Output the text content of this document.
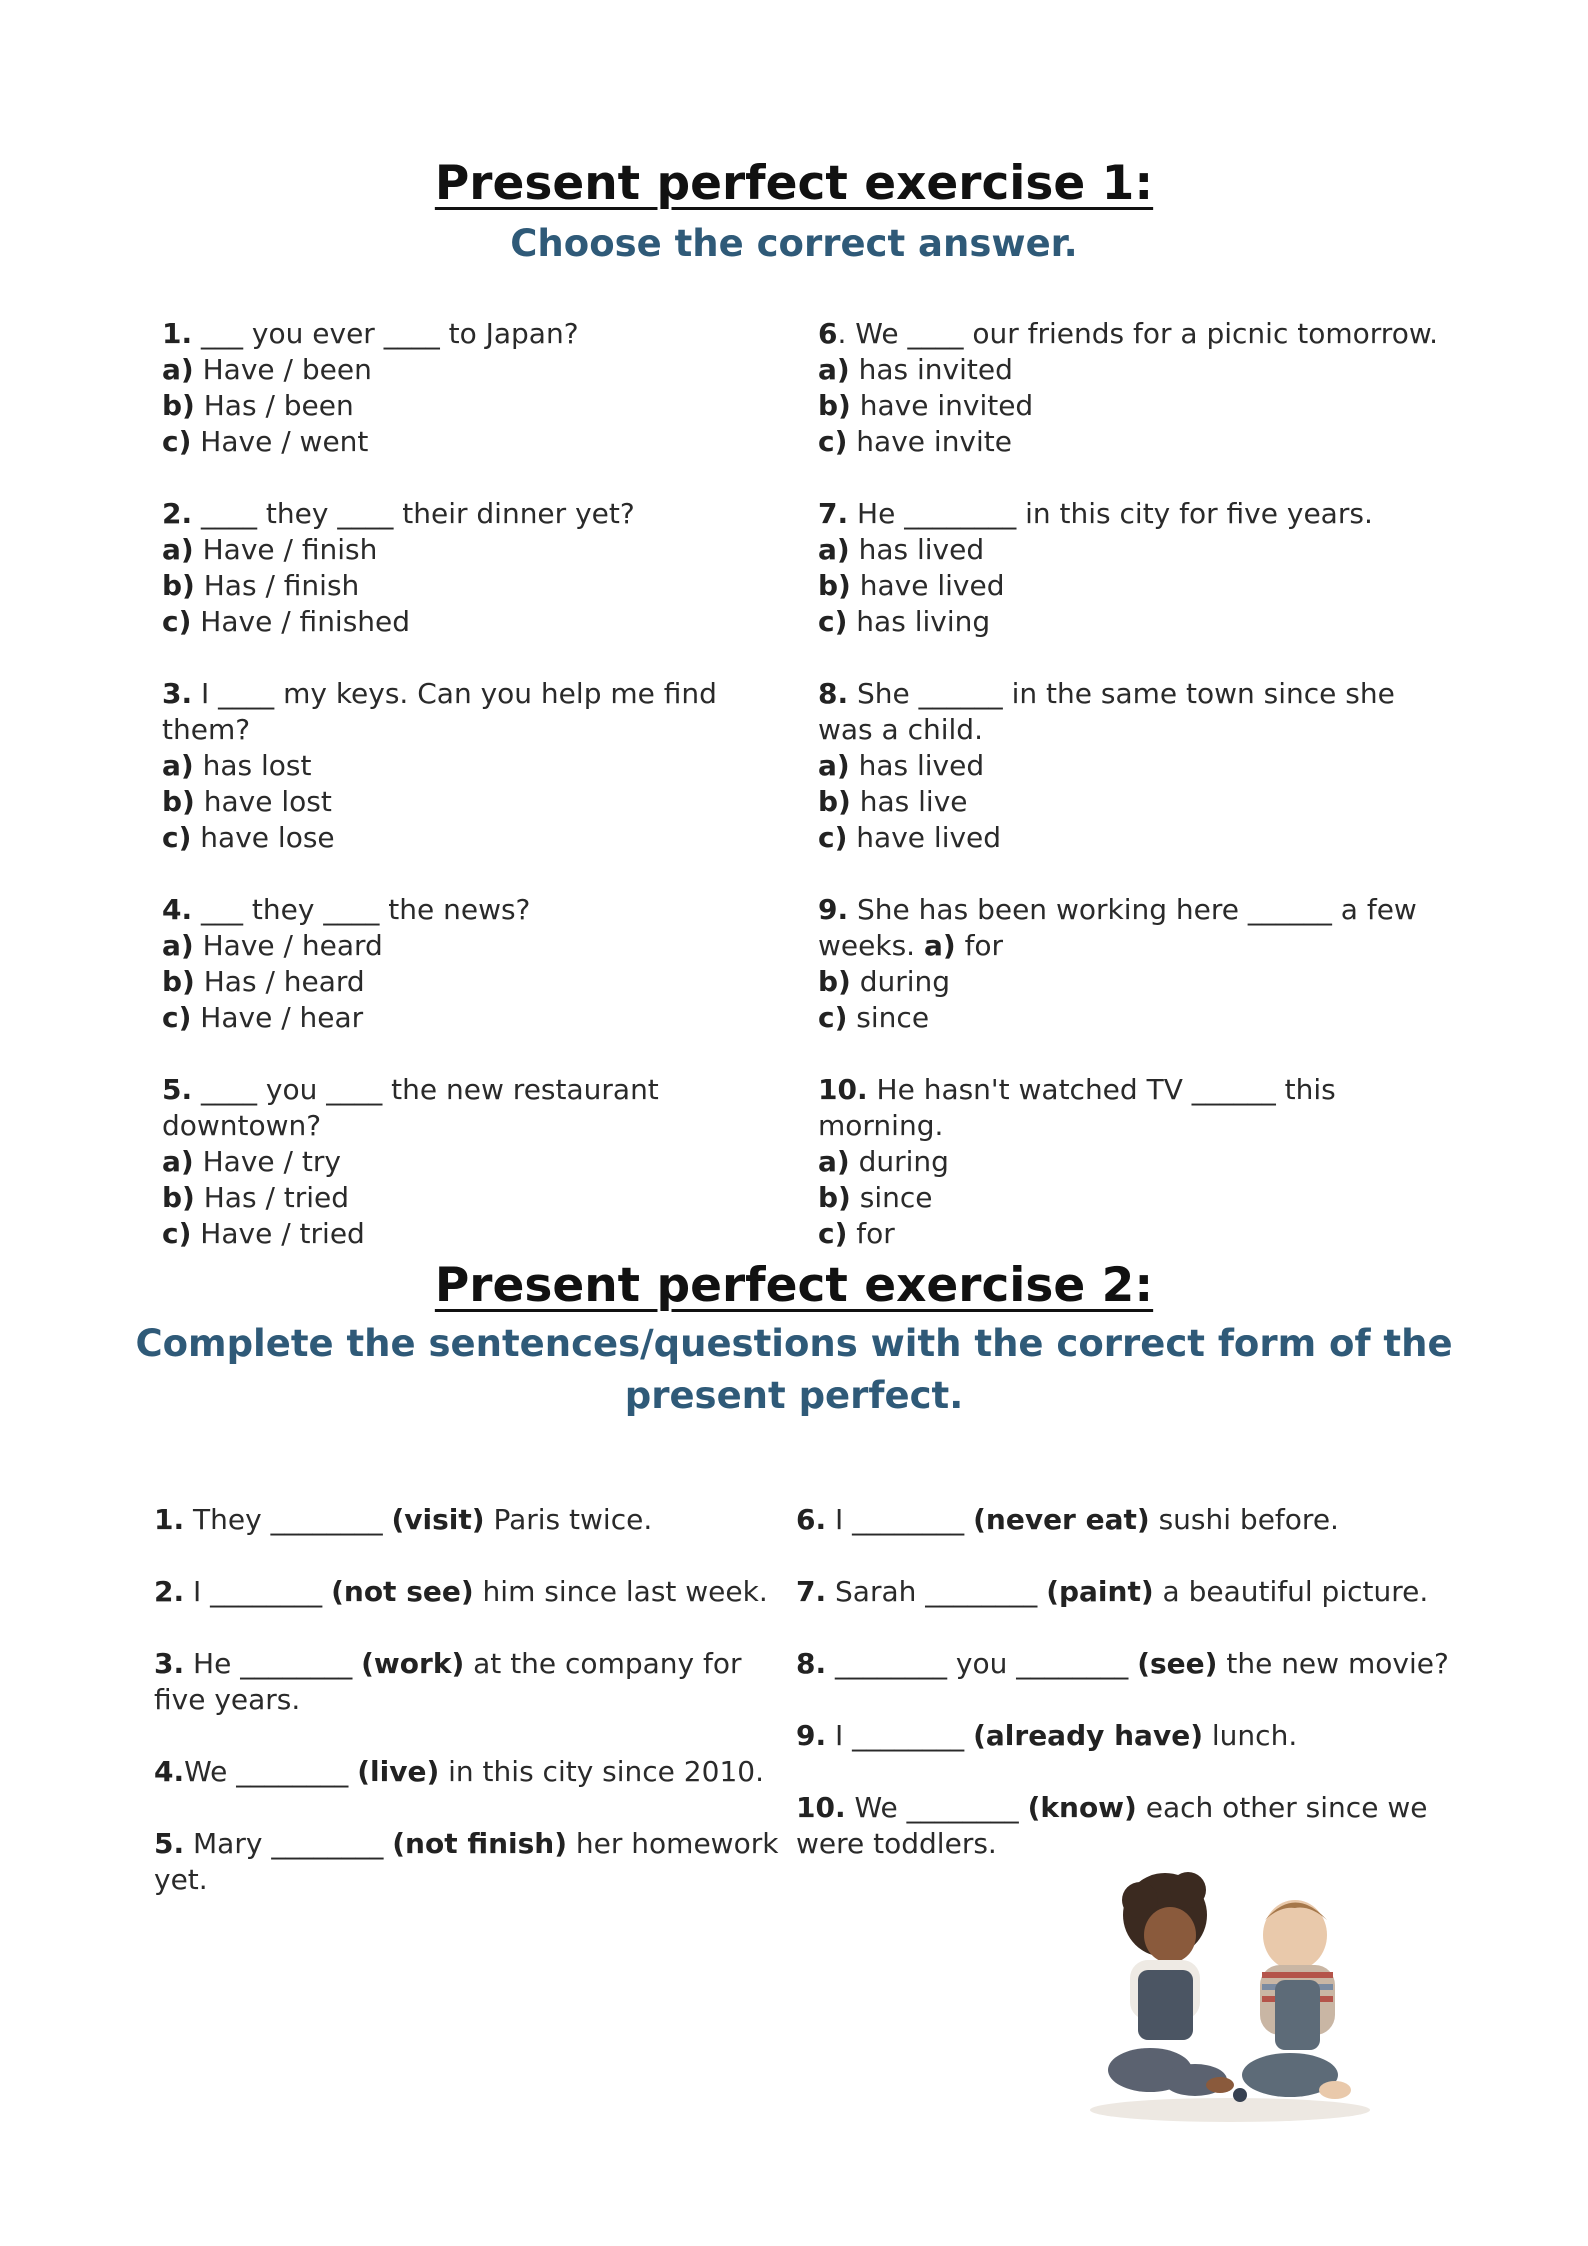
Present perfect exercise 1:
Choose the correct answer.

1. ___ you ever ____ to Japan?

a) Have / been

b) Has / been

c) Have / went

2. ____ they ____ their dinner yet?

a) Have / finish

b) Has / finish

c) Have / finished

3. I ____ my keys. Can you help me find them?

a) has lost

b) have lost

c) have lose

4. ___ they ____ the news?

a) Have / heard

b) Has / heard

c) Have / hear

5. ____ you ____ the new restaurant downtown?

a) Have / try

b) Has / tried

c) Have / tried

6. We ____ our friends for a picnic tomorrow.

a) has invited

b) have invited

c) have invite

7. He ________ in this city for five years.

a) has lived

b) have lived

c) has living

8. She ______ in the same town since she was a child.

a) has lived

b) has live

c) have lived

9. She has been working here ______ a few weeks. a) for

b) during

c) since

10. He hasn't watched TV ______ this morning.

a) during

b) since

c) for

Present perfect exercise 2:
Complete the sentences/questions with the correct form of the
present perfect.

1. They ________ (visit) Paris twice.

2. I ________ (not see) him since last week.

3. He ________ (work) at the company for five years.

4.We ________ (live) in this city since 2010.

5. Mary ________ (not finish) her homework yet.

6. I ________ (never eat) sushi before.

7. Sarah ________ (paint) a beautiful picture.

8. ________ you ________ (see) the new movie?

9. I ________ (already have) lunch.

10. We ________ (know) each other since we were toddlers.
